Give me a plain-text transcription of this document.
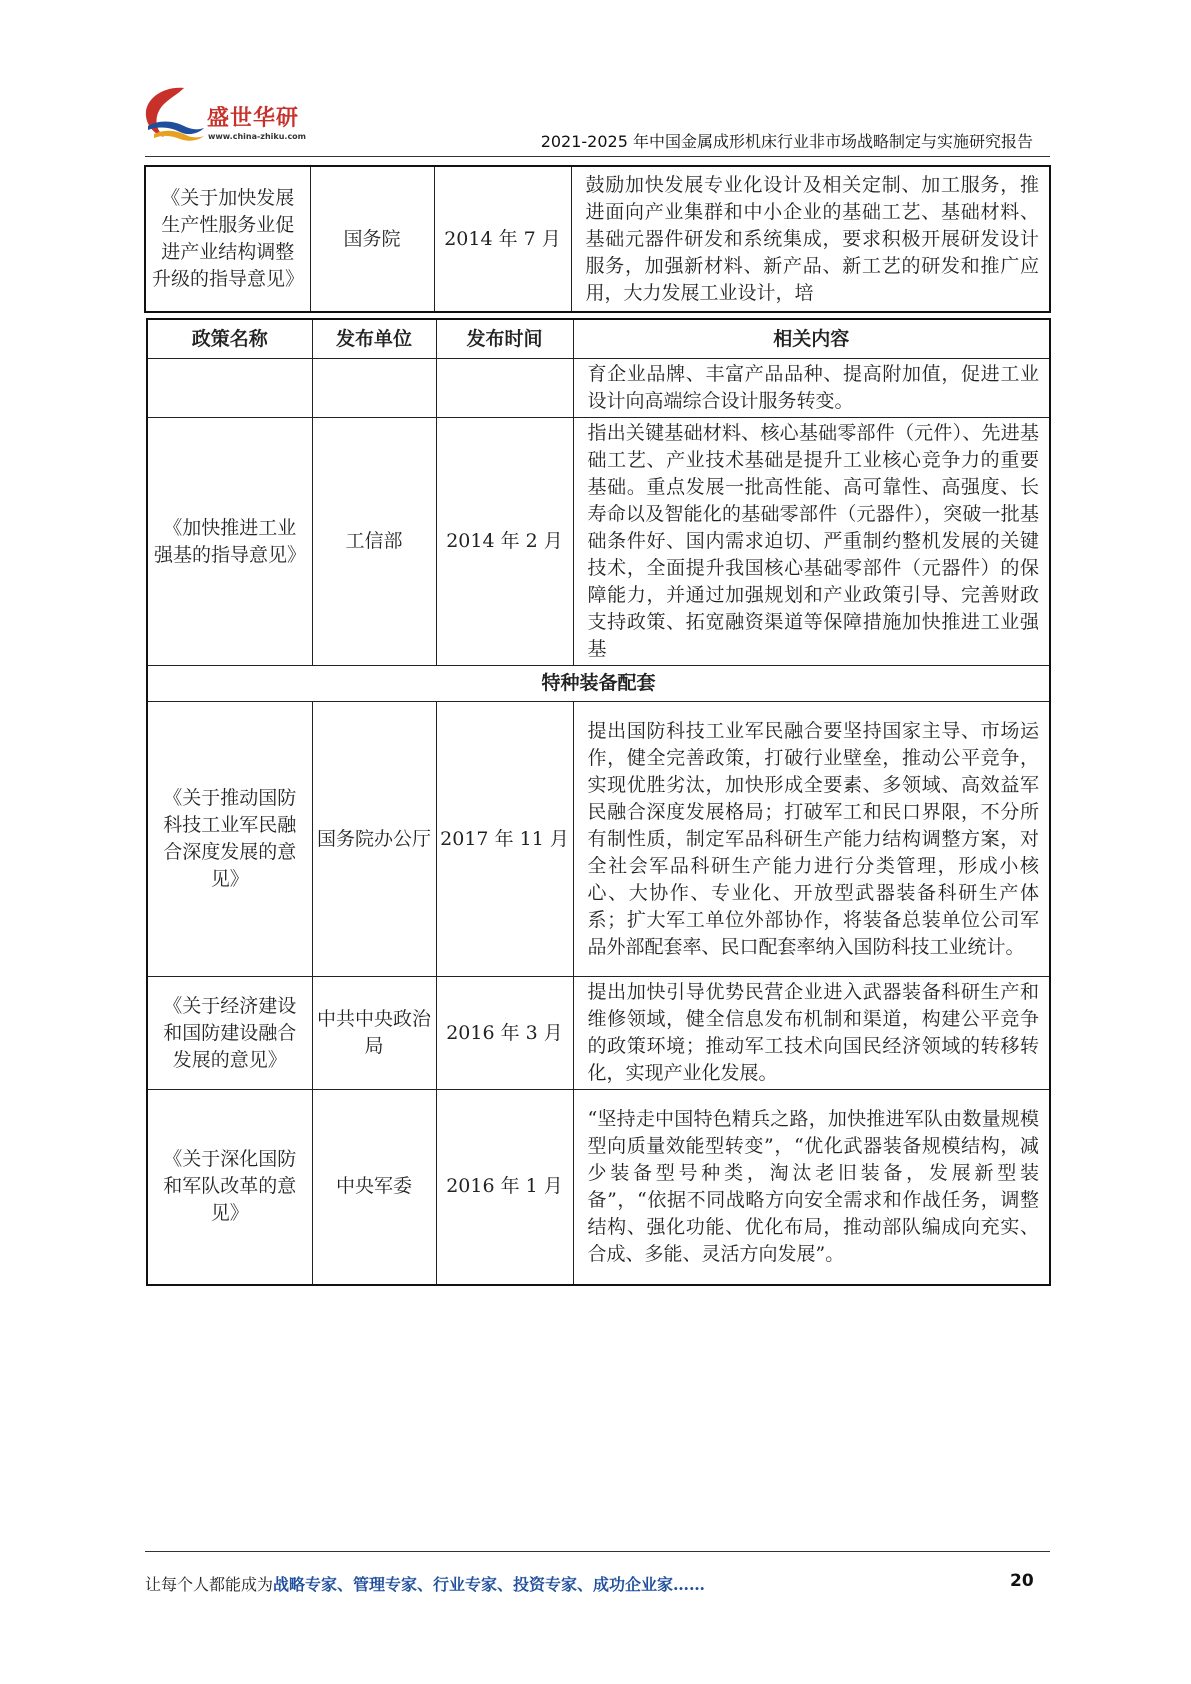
盛世华研
www.china-zhiku.com	2021-2025 年中国金属成形机床行业非市场战略制定与实施研究报告
《关于加快发展生产性服务业促进产业结构调整升级的指导意见》	国务院	2014 年 7 月	鼓励加快发展专业化设计及相关定制、加工服务，推进面向产业集群和中小企业的基础工艺、基础材料、基础元器件研发和系统集成，要求积极开展研发设计服务，加强新材料、新产品、新工艺的研发和推广应用，大力发展工业设计，培
政策名称	发布单位	发布时间	相关内容
			育企业品牌、丰富产品品种、提高附加值，促进工业设计向高端综合设计服务转变。
《加快推进工业强基的指导意见》	工信部	2014 年 2 月	指出关键基础材料、核心基础零部件（元件）、先进基础工艺、产业技术基础是提升工业核心竞争力的重要基础。重点发展一批高性能、高可靠性、高强度、长寿命以及智能化的基础零部件（元器件），突破一批基础条件好、国内需求迫切、严重制约整机发展的关键技术，全面提升我国核心基础零部件（元器件）的保障能力，并通过加强规划和产业政策引导、完善财政支持政策、拓宽融资渠道等保障措施加快推进工业强基
特种装备配套			
《关于推动国防科技工业军民融合深度发展的意见》	国务院办公厅	2017 年 11 月	提出国防科技工业军民融合要坚持国家主导、市场运作，健全完善政策，打破行业壁垒，推动公平竞争，实现优胜劣汰，加快形成全要素、多领域、高效益军民融合深度发展格局；打破军工和民口界限，不分所有制性质，制定军品科研生产能力结构调整方案，对全社会军品科研生产能力进行分类管理，形成小核心、大协作、专业化、开放型武器装备科研生产体系；扩大军工单位外部协作，将装备总装单位公司军品外部配套率、民口配套率纳入国防科技工业统计。
《关于经济建设和国防建设融合发展的意见》	中共中央政治局	2016 年 3 月	提出加快引导优势民营企业进入武器装备科研生产和维修领域，健全信息发布机制和渠道，构建公平竞争的政策环境；推动军工技术向国民经济领域的转移转化，实现产业化发展。
《关于深化国防和军队改革的意见》	中央军委	2016 年 1 月	“坚持走中国特色精兵之路，加快推进军队由数量规模型向质量效能型转变”，“优化武器装备规模结构，减少装备型号种类，淘汰老旧装备，发展新型装备”，“依据不同战略方向安全需求和作战任务，调整结构、强化功能、优化布局，推动部队编成向充实、合成、多能、灵活方向发展”。
让每个人都能成为战略专家、管理专家、行业专家、投资专家、成功企业家……	20
